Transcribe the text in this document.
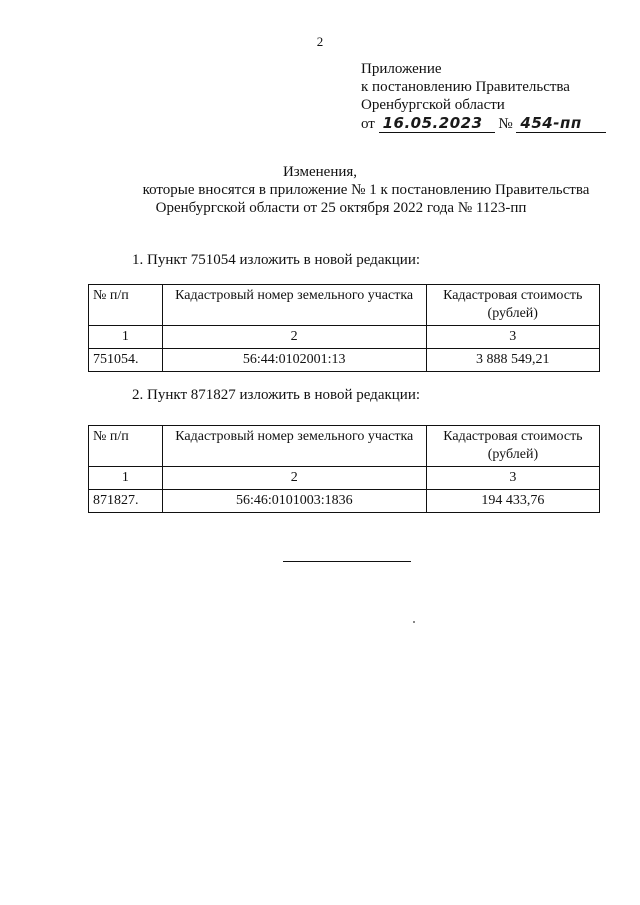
2
Приложение
к постановлению Правительства
Оренбургской области
от 16.05.2023 № 454-пп
Изменения,
которые вносятся в приложение № 1 к постановлению Правительства
Оренбургской области от 25 октября 2022 года № 1123-пп
1. Пункт 751054 изложить в новой редакции:
№ п/п	Кадастровый номер земельного участка	Кадастровая стоимость (рублей)
1	2	3
751054.	56:44:0102001:13	3 888 549,21
2. Пункт 871827 изложить в новой редакции:
№ п/п	Кадастровый номер земельного участка	Кадастровая стоимость (рублей)
1	2	3
871827.	56:46:0101003:1836	194 433,76
